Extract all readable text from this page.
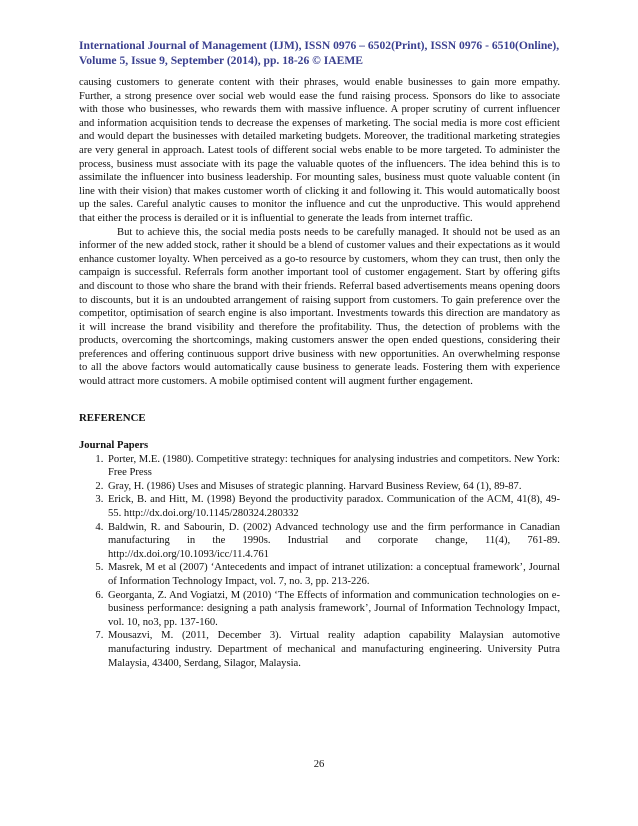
International Journal of Management (IJM), ISSN 0976 – 6502(Print), ISSN 0976 - 6510(Online), Volume 5, Issue 9, September (2014), pp. 18-26 © IAEME

causing customers to generate content with their phrases, would enable businesses to gain more empathy. Further, a strong presence over social web would ease the fund raising process. Sponsors do like to associate with those who businesses, who rewards them with massive influence. A proper scrutiny of current influencer and information acquisition tends to decrease the expenses of marketing. The social media is more cost efficient and would depart the businesses with detailed marketing budgets. Moreover, the traditional marketing strategies are very general in approach. Latest tools of different social webs enable to be more targeted. To administer the process, business must associate with its page the valuable quotes of the influencers. The idea behind this is to assimilate the influencer into business leadership. For mounting sales, business must quote valuable content (in line with their vision) that makes customer worth of clicking it and following it. This would automatically boost up the sales. Careful analytic causes to monitor the influence and cut the unproductive. This would apprehend that either the process is derailed or it is influential to generate the leads from internet traffic.

But to achieve this, the social media posts needs to be carefully managed. It should not be used as an informer of the new added stock, rather it should be a blend of customer values and their expectations as it would enhance customer loyalty. When perceived as a go-to resource by customers, whom they can trust, then only the campaign is successful. Referrals form another important tool of customer engagement. Start by offering gifts and discount to those who share the brand with their friends. Referral based advertisements means opening doors to discounts, but it is an undoubted arrangement of raising support from customers. To gain preference over the competitor, optimisation of search engine is also important. Investments towards this direction are mandatory as it will increase the brand visibility and therefore the profitability. Thus, the detection of problems with the products, overcoming the shortcomings, making customers answer the open ended questions, considering their preferences and offering continuous support drive business with new opportunities. An overwhelming response to all the above factors would automatically cause business to generate leads. Fostering them with experience would attract more customers. A mobile optimised content will augment further engagement.

REFERENCE
Journal Papers
1. Porter, M.E. (1980). Competitive strategy: techniques for analysing industries and competitors. New York: Free Press
2. Gray, H. (1986) Uses and Misuses of strategic planning. Harvard Business Review, 64 (1), 89-87.
3. Erick, B. and Hitt, M. (1998) Beyond the productivity paradox. Communication of the ACM, 41(8), 49-55. http://dx.doi.org/10.1145/280324.280332
4. Baldwin, R. and Sabourin, D. (2002) Advanced technology use and the firm performance in Canadian manufacturing in the 1990s. Industrial and corporate change, 11(4), 761-89. http://dx.doi.org/10.1093/icc/11.4.761
5. Masrek, M et al (2007) ‘Antecedents and impact of intranet utilization: a conceptual framework’, Journal of Information Technology Impact, vol. 7, no. 3, pp. 213-226.
6. Georganta, Z. And Vogiatzi, M (2010) ‘The Effects of information and communication technologies on e-business performance: designing a path analysis framework’, Journal of Information Technology Impact, vol. 10, no3, pp. 137-160.
7. Mousazvi, M. (2011, December 3). Virtual reality adaption capability Malaysian automotive manufacturing industry. Department of mechanical and manufacturing engineering. University Putra Malaysia, 43400, Serdang, Silagor, Malaysia.
26
